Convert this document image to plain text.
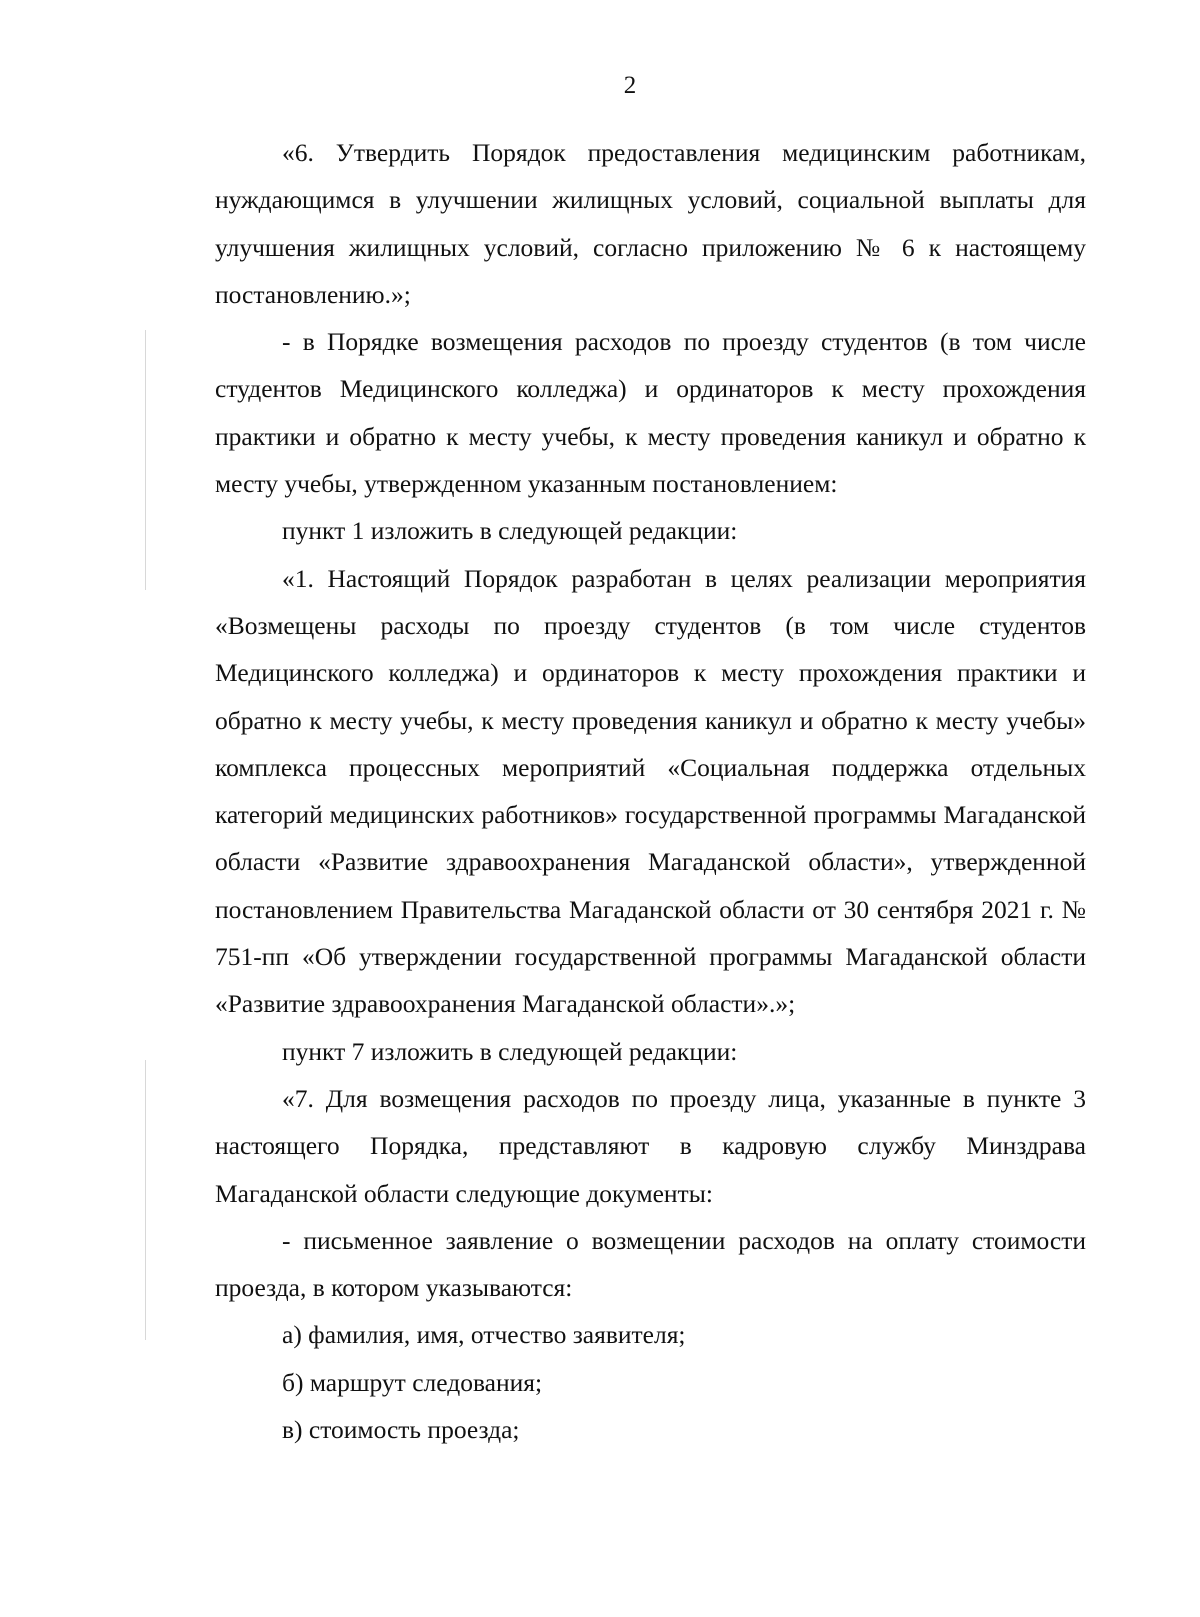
2

«6. Утвердить Порядок предоставления медицинским работникам, нуждающимся в улучшении жилищных условий, социальной выплаты для улучшения жилищных условий, согласно приложению № 6 к настоящему постановлению.»;

- в Порядке возмещения расходов по проезду студентов (в том числе студентов Медицинского колледжа) и ординаторов к месту прохождения практики и обратно к месту учебы, к месту проведения каникул и обратно к месту учебы, утвержденном указанным постановлением:

пункт 1 изложить в следующей редакции:

«1. Настоящий Порядок разработан в целях реализации мероприятия «Возмещены расходы по проезду студентов (в том числе студентов Медицинского колледжа) и ординаторов к месту прохождения практики и обратно к месту учебы, к месту проведения каникул и обратно к месту учебы» комплекса процессных мероприятий «Социальная поддержка отдельных категорий медицинских работников» государственной программы Магаданской области «Развитие здравоохранения Магаданской области», утвержденной постановлением Правительства Магаданской области от 30 сентября 2021 г. № 751-пп «Об утверждении государственной программы Магаданской области «Развитие здравоохранения Магаданской области».»;

пункт 7 изложить в следующей редакции:

«7. Для возмещения расходов по проезду лица, указанные в пункте 3 настоящего Порядка, представляют в кадровую службу Минздрава Магаданской области следующие документы:

- письменное заявление о возмещении расходов на оплату стоимости проезда, в котором указываются:

а) фамилия, имя, отчество заявителя;

б) маршрут следования;

в) стоимость проезда;
